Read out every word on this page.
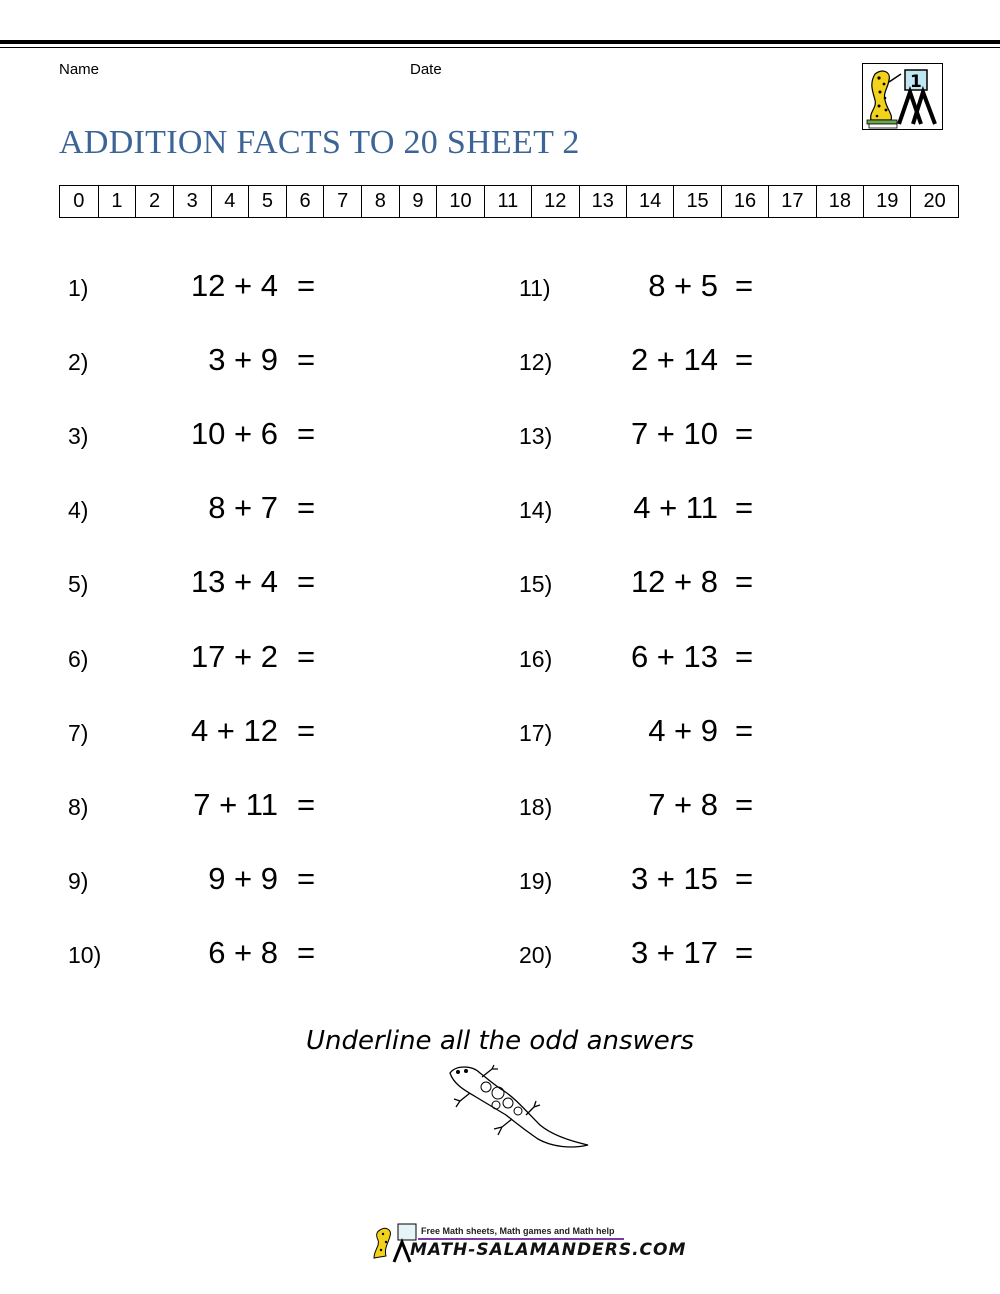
Name	Date
1
ADDITION FACTS TO 20 SHEET 2
0	1	2	3	4	5	6	7	8	9	10	11	12	13	14	15	16	17	18	19	20
1)	12 + 4 =
2)	3 + 9 =
3)	10 + 6 =
4)	8 + 7 =
5)	13 + 4 =
6)	17 + 2 =
7)	4 + 12 =
8)	7 + 11 =
9)	9 + 9 =
10)	6 + 8 =
11)	8 + 5 =
12)	2 + 14 =
13)	7 + 10 =
14)	4 + 11 =
15)	12 + 8 =
16)	6 + 13 =
17)	4 + 9 =
18)	7 + 8 =
19)	3 + 15 =
20)	3 + 17 =

Underline all the odd answers

Free Math sheets, Math games and Math help
MATH-SALAMANDERS.COM
